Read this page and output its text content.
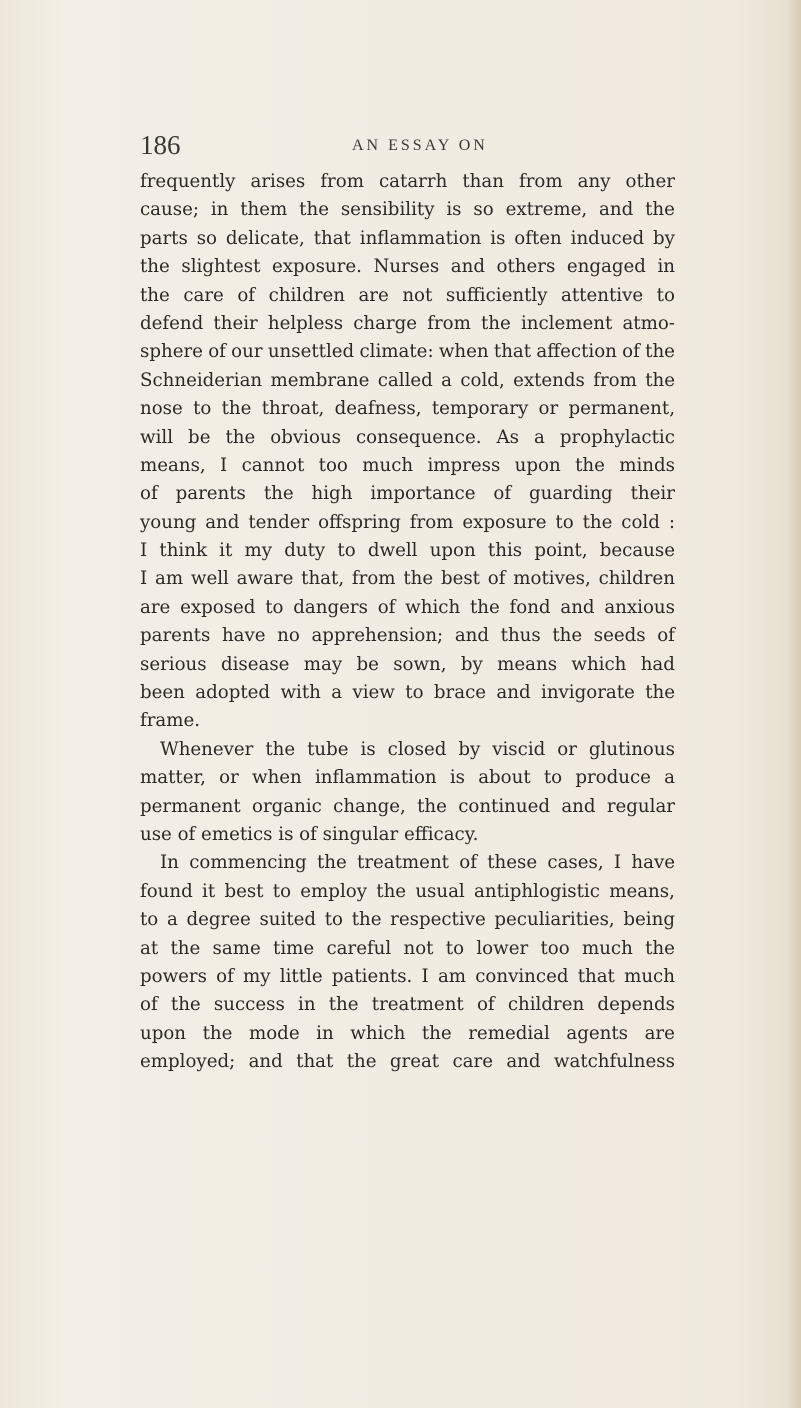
186	AN ESSAY ON
frequently arises from catarrh than from any other
cause; in them the sensibility is so extreme, and the
parts so delicate, that inflammation is often induced by
the slightest exposure. Nurses and others engaged in
the care of children are not sufficiently attentive to
defend their helpless charge from the inclement atmo-
sphere of our unsettled climate: when that affection of the
Schneiderian membrane called a cold, extends from the
nose to the throat, deafness, temporary or permanent,
will be the obvious consequence. As a prophylactic
means, I cannot too much impress upon the minds
of parents the high importance of guarding their
young and tender offspring from exposure to the cold :
I think it my duty to dwell upon this point, because
I am well aware that, from the best of motives, children
are exposed to dangers of which the fond and anxious
parents have no apprehension; and thus the seeds of
serious disease may be sown, by means which had
been adopted with a view to brace and invigorate the
frame.
Whenever the tube is closed by viscid or glutinous
matter, or when inflammation is about to produce a
permanent organic change, the continued and regular
use of emetics is of singular efficacy.
In commencing the treatment of these cases, I have
found it best to employ the usual antiphlogistic means,
to a degree suited to the respective peculiarities, being
at the same time careful not to lower too much the
powers of my little patients. I am convinced that much
of the success in the treatment of children depends
upon the mode in which the remedial agents are
employed; and that the great care and watchfulness
